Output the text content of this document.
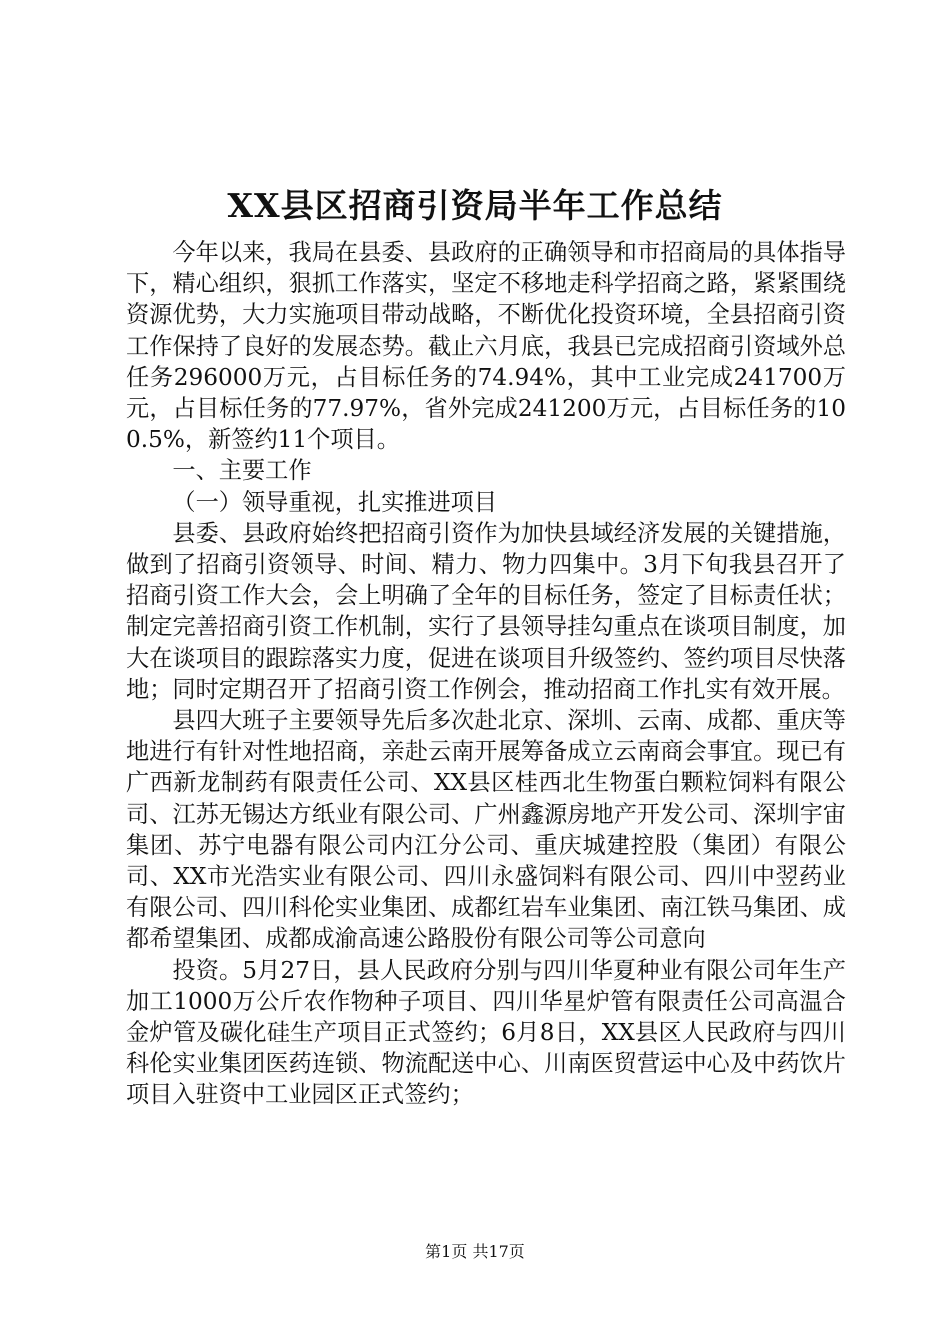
XX县区招商引资局半年工作总结

今年以来，我局在县委、县政府的正确领导和市招商局的具体指导下，精心组织，狠抓工作落实，坚定不移地走科学招商之路，紧紧围绕资源优势，大力实施项目带动战略，不断优化投资环境，全县招商引资工作保持了良好的发展态势。截止六月底，我县已完成招商引资域外总任务296000万元，占目标任务的74.94%，其中工业完成241700万元，占目标任务的77.97%，省外完成241200万元，占目标任务的100.5%，新签约11个项目。

一、主要工作

（一）领导重视，扎实推进项目

县委、县政府始终把招商引资作为加快县域经济发展的关键措施，做到了招商引资领导、时间、精力、物力四集中。3月下旬我县召开了招商引资工作大会，会上明确了全年的目标任务，签定了目标责任状；制定完善招商引资工作机制，实行了县领导挂勾重点在谈项目制度，加大在谈项目的跟踪落实力度，促进在谈项目升级签约、签约项目尽快落地；同时定期召开了招商引资工作例会，推动招商工作扎实有效开展。

县四大班子主要领导先后多次赴北京、深圳、云南、成都、重庆等地进行有针对性地招商，亲赴云南开展筹备成立云南商会事宜。现已有广西新龙制药有限责任公司、XX县区桂西北生物蛋白颗粒饲料有限公司、江苏无锡达方纸业有限公司、广州鑫源房地产开发公司、深圳宇宙集团、苏宁电器有限公司内江分公司、重庆城建控股（集团）有限公司、XX市光浩实业有限公司、四川永盛饲料有限公司、四川中翌药业有限公司、四川科伦实业集团、成都红岩车业集团、南江铁马集团、成都希望集团、成都成渝高速公路股份有限公司等公司意向

投资。5月27日，县人民政府分别与四川华夏种业有限公司年生产加工1000万公斤农作物种子项目、四川华星炉管有限责任公司高温合金炉管及碳化硅生产项目正式签约；6月8日，XX县区人民政府与四川科伦实业集团医药连锁、物流配送中心、川南医贸营运中心及中药饮片项目入驻资中工业园区正式签约；

第1页 共17页
